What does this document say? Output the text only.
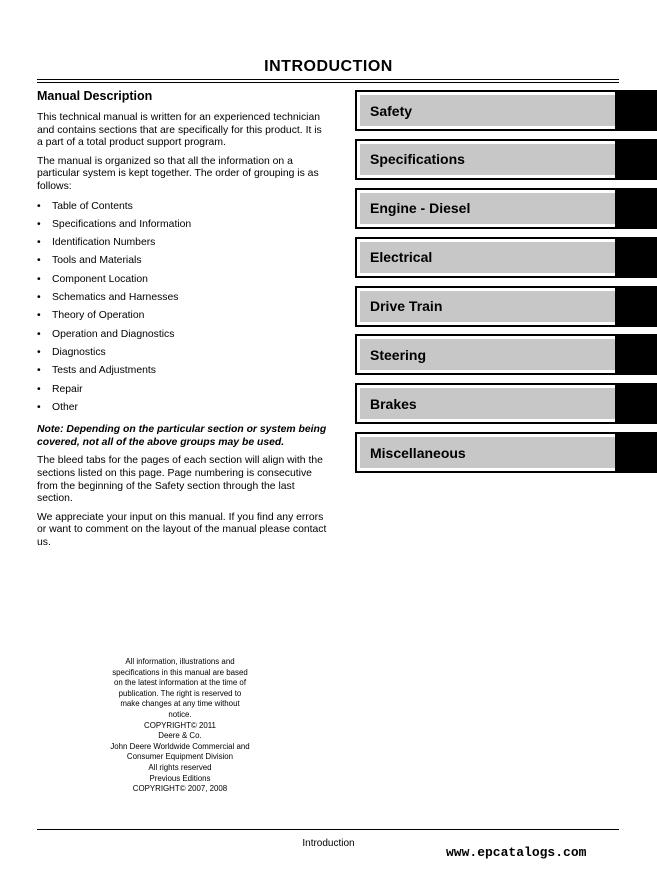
INTRODUCTION
Manual Description

This technical manual is written for an experienced technician and contains sections that are specifically for this product. It is a part of a total product support program.

The manual is organized so that all the information on a particular system is kept together. The order of grouping is as follows:

• Table of Contents
• Specifications and Information
• Identification Numbers
• Tools and Materials
• Component Location
• Schematics and Harnesses
• Theory of Operation
• Operation and Diagnostics
• Diagnostics
• Tests and Adjustments
• Repair
• Other

Note: Depending on the particular section or system being covered, not all of the above groups may be used.

The bleed tabs for the pages of each section will align with the sections listed on this page. Page numbering is consecutive from the beginning of the Safety section through the last section.

We appreciate your input on this manual. If you find any errors or want to comment on the layout of the manual please contact us.

Safety
Specifications
Engine - Diesel
Electrical
Drive Train
Steering
Brakes
Miscellaneous
All information, illustrations and
specifications in this manual are based
on the latest information at the time of
publication. The right is reserved to
make changes at any time without
notice.
COPYRIGHT© 2011
Deere & Co.
John Deere Worldwide Commercial and
Consumer Equipment Division
All rights reserved
Previous Editions
COPYRIGHT© 2007, 2008
Introduction
www.epcatalogs.com
